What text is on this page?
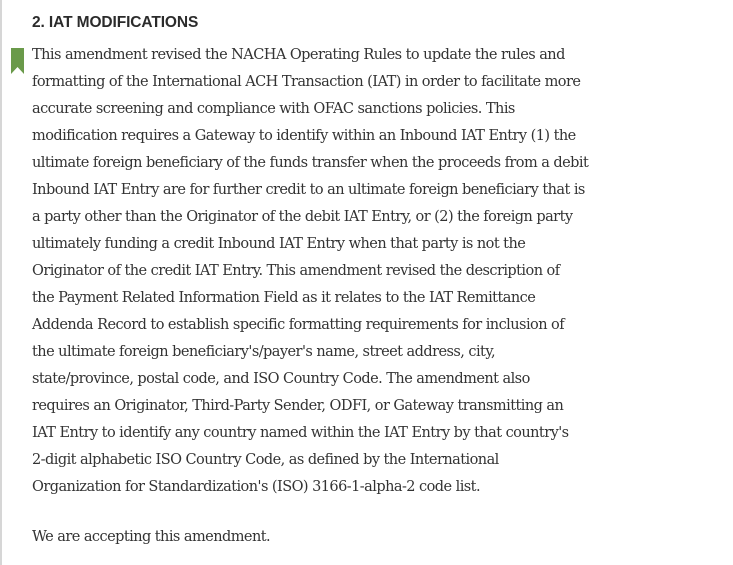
2. IAT MODIFICATIONS

This amendment revised the NACHA Operating Rules to update the rules and
formatting of the International ACH Transaction (IAT) in order to facilitate more
accurate screening and compliance with OFAC sanctions policies. This
modification requires a Gateway to identify within an Inbound IAT Entry (1) the
ultimate foreign beneficiary of the funds transfer when the proceeds from a debit
Inbound IAT Entry are for further credit to an ultimate foreign beneficiary that is
a party other than the Originator of the debit IAT Entry, or (2) the foreign party
ultimately funding a credit Inbound IAT Entry when that party is not the
Originator of the credit IAT Entry. This amendment revised the description of
the Payment Related Information Field as it relates to the IAT Remittance
Addenda Record to establish specific formatting requirements for inclusion of
the ultimate foreign beneficiary's/payer's name, street address, city,
state/province, postal code, and ISO Country Code. The amendment also
requires an Originator, Third-Party Sender, ODFI, or Gateway transmitting an
IAT Entry to identify any country named within the IAT Entry by that country's
2-digit alphabetic ISO Country Code, as defined by the International
Organization for Standardization's (ISO) 3166-1-alpha-2 code list.

We are accepting this amendment.
